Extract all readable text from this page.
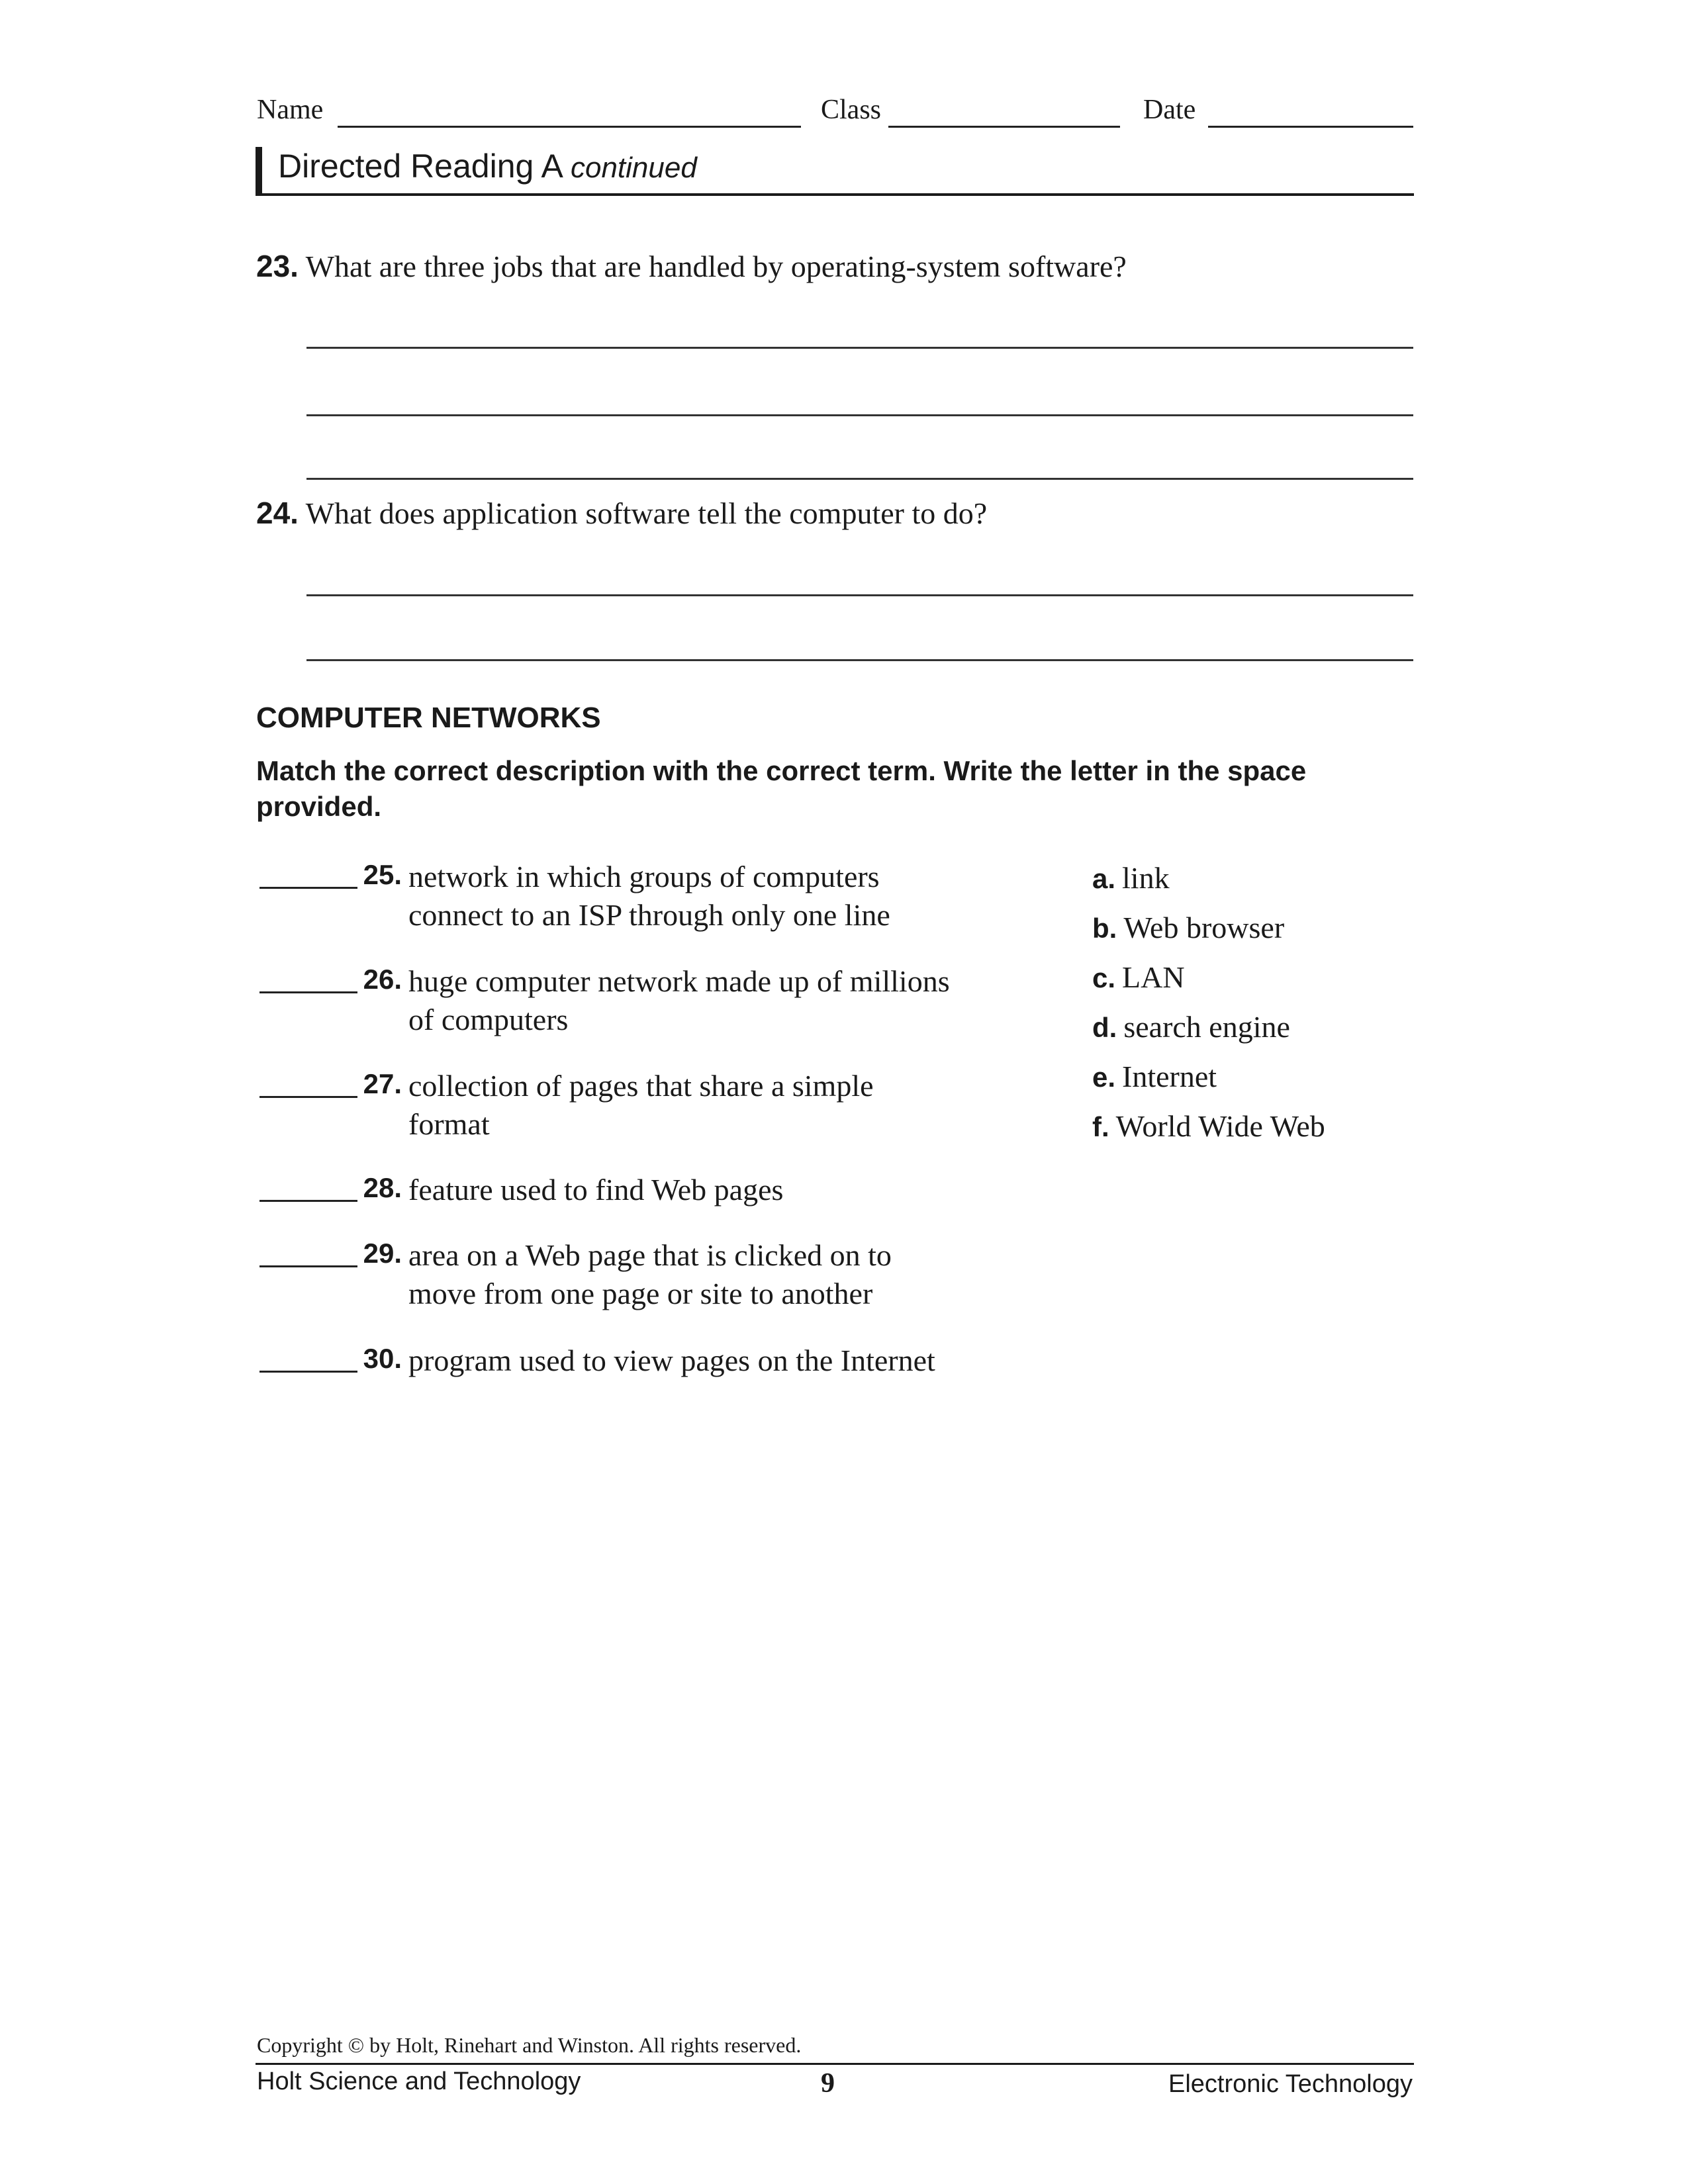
Name	Class	Date
Directed Reading A continued
23. What are three jobs that are handled by operating-system software?
24. What does application software tell the computer to do?
COMPUTER NETWORKS
Match the correct description with the correct term. Write the letter in the space provided.
25. network in which groups of computers
connect to an ISP through only one line
26. huge computer network made up of millions
of computers
27. collection of pages that share a simple
format
28. feature used to find Web pages
29. area on a Web page that is clicked on to
move from one page or site to another
30. program used to view pages on the Internet
a. link
b. Web browser
c. LAN
d. search engine
e. Internet
f. World Wide Web
Copyright © by Holt, Rinehart and Winston. All rights reserved.
Holt Science and Technology	9	Electronic Technology
